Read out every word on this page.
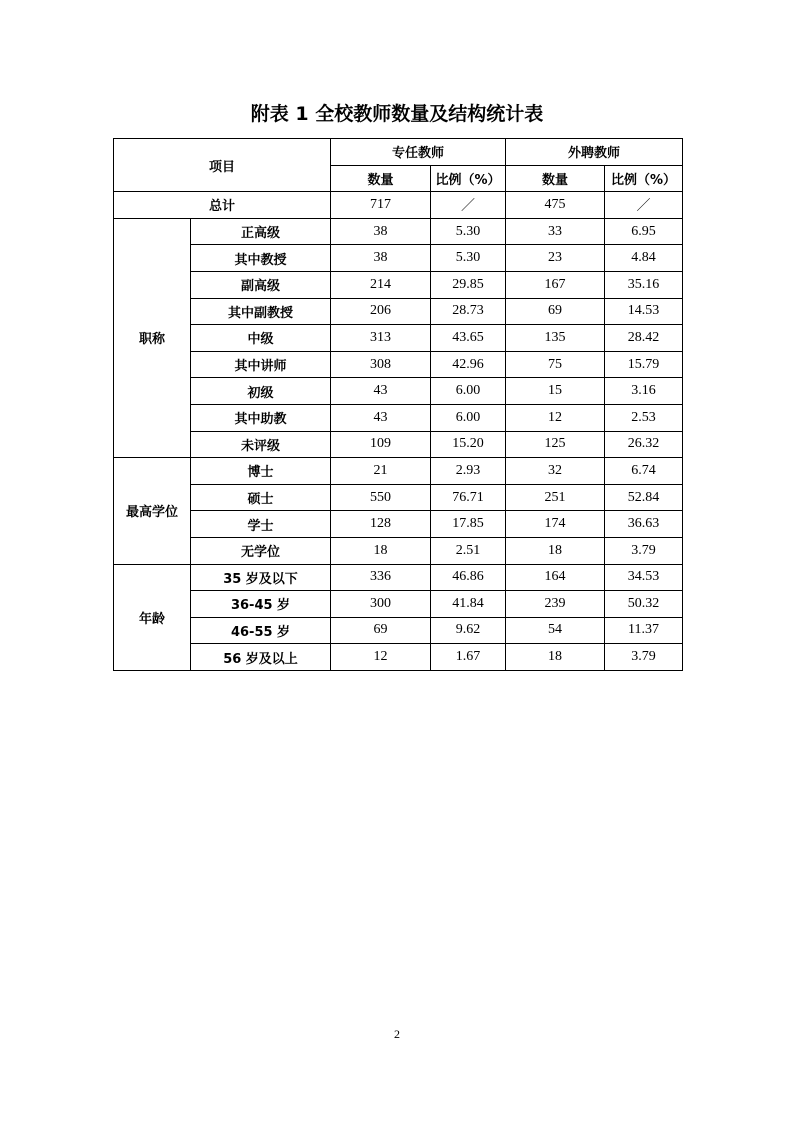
附表 1 全校教师数量及结构统计表
项目		专任教师		外聘教师	
		数量	比例（%）	数量	比例（%）
总计		717	／	475	／
职称	正高级	38	5.30	33	6.95
	其中教授	38	5.30	23	4.84
	副高级	214	29.85	167	35.16
	其中副教授	206	28.73	69	14.53
	中级	313	43.65	135	28.42
	其中讲师	308	42.96	75	15.79
	初级	43	6.00	15	3.16
	其中助教	43	6.00	12	2.53
	未评级	109	15.20	125	26.32
最高学位	博士	21	2.93	32	6.74
	硕士	550	76.71	251	52.84
	学士	128	17.85	174	36.63
	无学位	18	2.51	18	3.79
年龄	35 岁及以下	336	46.86	164	34.53
	36-45 岁	300	41.84	239	50.32
	46-55 岁	69	9.62	54	11.37
	56 岁及以上	12	1.67	18	3.79
2
